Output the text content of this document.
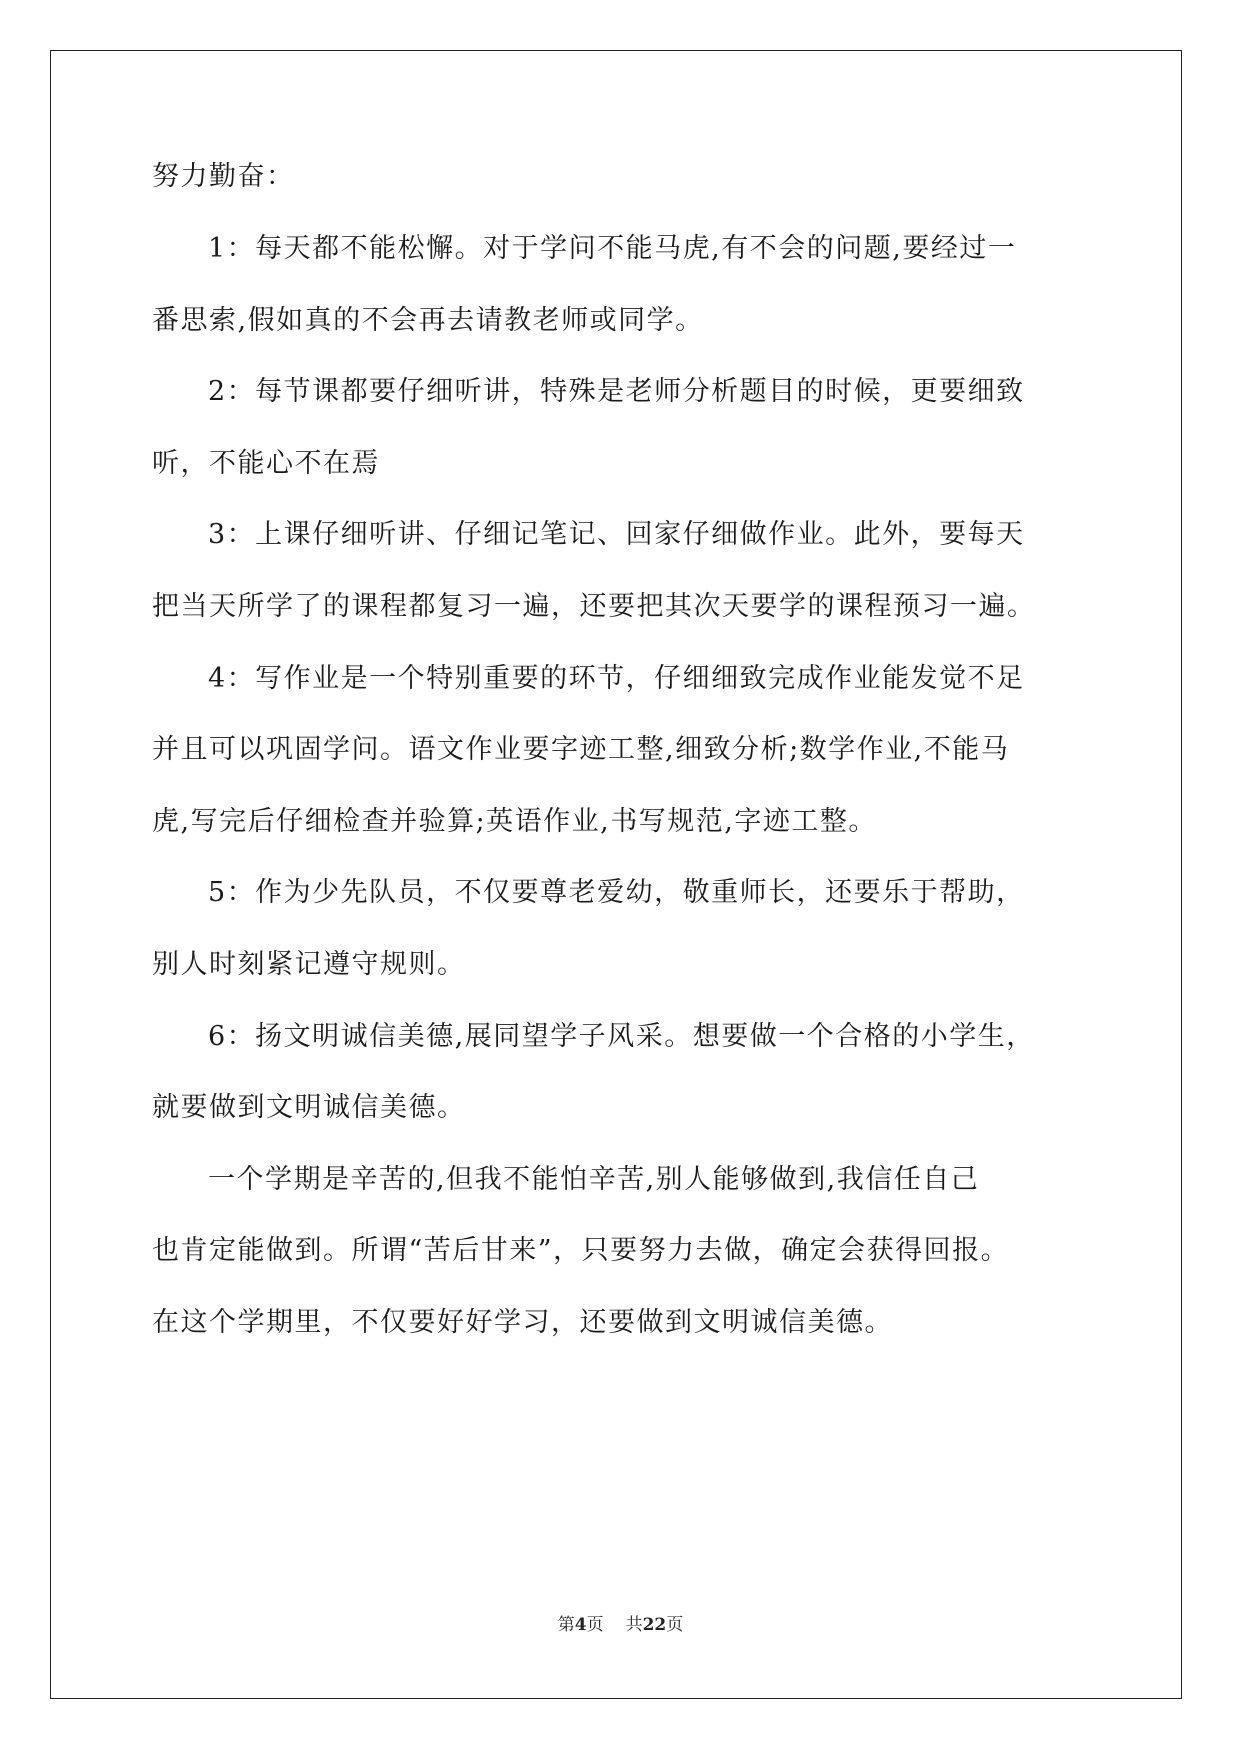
努力勤奋：
1：每天都不能松懈。对于学问不能马虎,有不会的问题,要经过一
番思索,假如真的不会再去请教老师或同学。
2：每节课都要仔细听讲，特殊是老师分析题目的时候，更要细致
听，不能心不在焉
3：上课仔细听讲、仔细记笔记、回家仔细做作业。此外，要每天
把当天所学了的课程都复习一遍，还要把其次天要学的课程预习一遍。
4：写作业是一个特别重要的环节，仔细细致完成作业能发觉不足
并且可以巩固学问。语文作业要字迹工整,细致分析;数学作业,不能马
虎,写完后仔细检查并验算;英语作业,书写规范,字迹工整。
5：作为少先队员，不仅要尊老爱幼，敬重师长，还要乐于帮助，
别人时刻紧记遵守规则。
6：扬文明诚信美德,展同望学子风采。想要做一个合格的小学生，
就要做到文明诚信美德。
一个学期是辛苦的,但我不能怕辛苦,别人能够做到,我信任自己
也肯定能做到。所谓“苦后甘来”，只要努力去做，确定会获得回报。
在这个学期里，不仅要好好学习，还要做到文明诚信美德。
第4页 共22页
